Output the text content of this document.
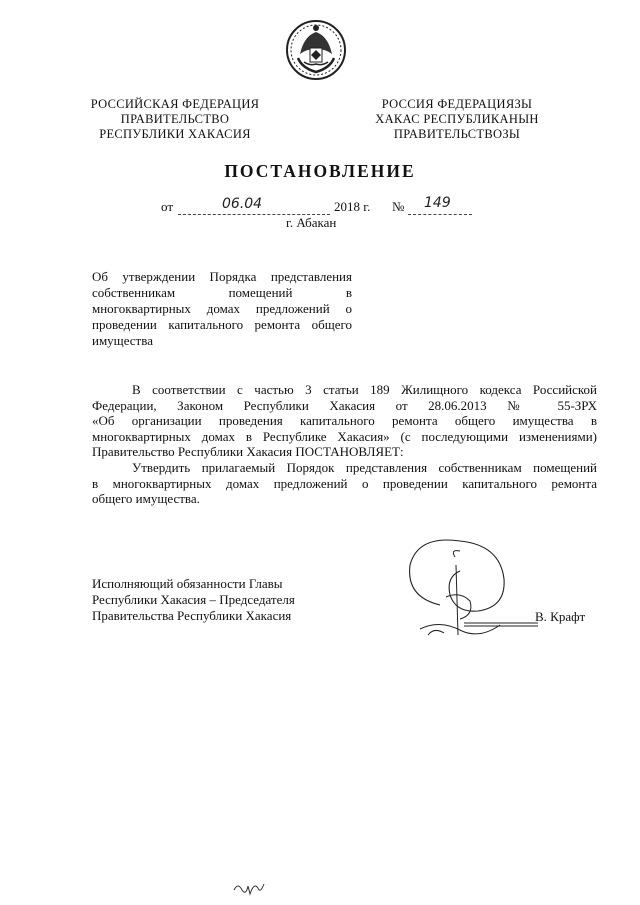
РОССИЙСКАЯ ФЕДЕРАЦИЯ
ПРАВИТЕЛЬСТВО
РЕСПУБЛИКИ ХАКАСИЯ
РОССИЯ ФЕДЕРАЦИЯЗЫ
ХАКАС РЕСПУБЛИКАНЫН
ПРАВИТЕЛЬСТВОЗЫ
ПОСТАНОВЛЕНИЕ
от	06.04	2018 г. № 149
г. Абакан
Об утверждении Порядка представления
собственникам помещений в
многоквартирных домах предложений о
проведении капитального ремонта общего
имущества
В соответствии с частью 3 статьи 189 Жилищного кодекса Российской
Федерации, Законом Республики Хакасия от 28.06.2013 № 55-ЗРХ
«Об организации проведения капитального ремонта общего имущества в
многоквартирных домах в Республике Хакасия» (с последующими изменениями)
Правительство Республики Хакасия ПОСТАНОВЛЯЕТ:
Утвердить прилагаемый Порядок представления собственникам помещений
в многоквартирных домах предложений о проведении капитального ремонта
общего имущества.
Исполняющий обязанности Главы
Республики Хакасия – Председателя
Правительства Республики Хакасия	В. Крафт
